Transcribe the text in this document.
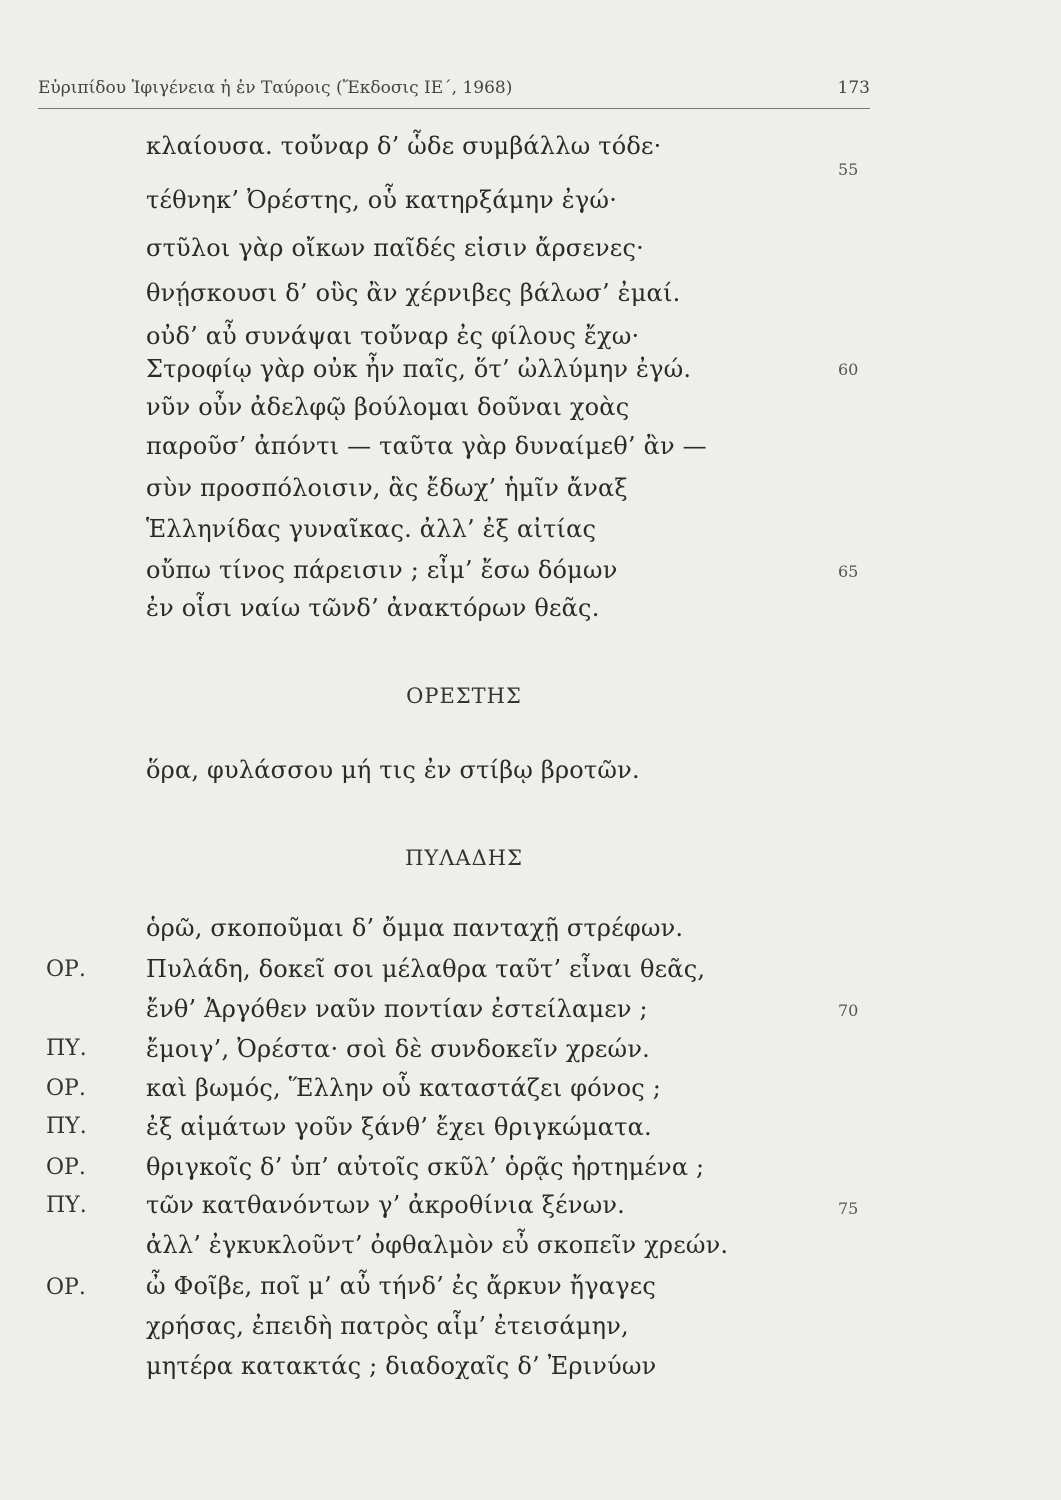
Εὐριπίδου Ἰφιγένεια ἡ ἐν Ταύροις (Ἔκδοσις ΙΕ΄, 1968)	173
κλαίουσα. τοὔναρ δ’ ὧδε συμβάλλω τόδε·
55
τέθνηκ’ Ὀρέστης, οὗ κατηρξάμην ἐγώ·
στῦλοι γὰρ οἴκων παῖδές εἰσιν ἄρσενες·
θνῄσκουσι δ’ οὓς ἂν χέρνιβες βάλωσ’ ἐμαί.
οὐδ’ αὖ συνάψαι τοὔναρ ἐς φίλους ἔχω·
Στροφίῳ γὰρ οὐκ ἦν παῖς, ὅτ’ ὠλλύμην ἐγώ.	60
νῦν οὖν ἀδελφῷ βούλομαι δοῦναι χοὰς
παροῦσ’ ἀπόντι — ταῦτα γὰρ δυναίμεθ’ ἂν —
σὺν προσπόλοισιν, ἃς ἔδωχ’ ἡμῖν ἄναξ
Ἑλληνίδας γυναῖκας. ἀλλ’ ἐξ αἰτίας
οὔπω τίνος πάρεισιν ; εἶμ’ ἔσω δόμων	65
ἐν οἷσι ναίω τῶνδ’ ἀνακτόρων θεᾶς.
ΟΡΕΣΤΗΣ
ὅρα, φυλάσσου μή τις ἐν στίβῳ βροτῶν.
ΠΥΛΑΔΗΣ
ὁρῶ, σκοποῦμαι δ’ ὄμμα πανταχῇ στρέφων.
ΟΡ.	Πυλάδη, δοκεῖ σοι μέλαθρα ταῦτ’ εἶναι θεᾶς,
ἔνθ’ Ἀργόθεν ναῦν ποντίαν ἐστείλαμεν ;	70
ΠΥ. ἔμοιγ’, Ὀρέστα· σοὶ δὲ συνδοκεῖν χρεών.
ΟΡ.	καὶ βωμός, Ἕλλην οὗ καταστάζει φόνος ;
ΠΥ. ἐξ αἱμάτων γοῦν ξάνθ’ ἔχει θριγκώματα.
ΟΡ.	θριγκοῖς δ’ ὑπ’ αὐτοῖς σκῦλ’ ὁρᾷς ἠρτημένα ;
ΠΥ. τῶν κατθανόντων γ’ ἀκροθίνια ξένων.	75
ἀλλ’ ἐγκυκλοῦντ’ ὀφθαλμὸν εὖ σκοπεῖν χρεών.
ΟΡ.	ὦ Φοῖβε, ποῖ μ’ αὖ τήνδ’ ἐς ἄρκυν ἤγαγες
χρήσας, ἐπειδὴ πατρὸς αἷμ’ ἐτεισάμην,
μητέρα κατακτάς ; διαδοχαῖς δ’ Ἐρινύων
